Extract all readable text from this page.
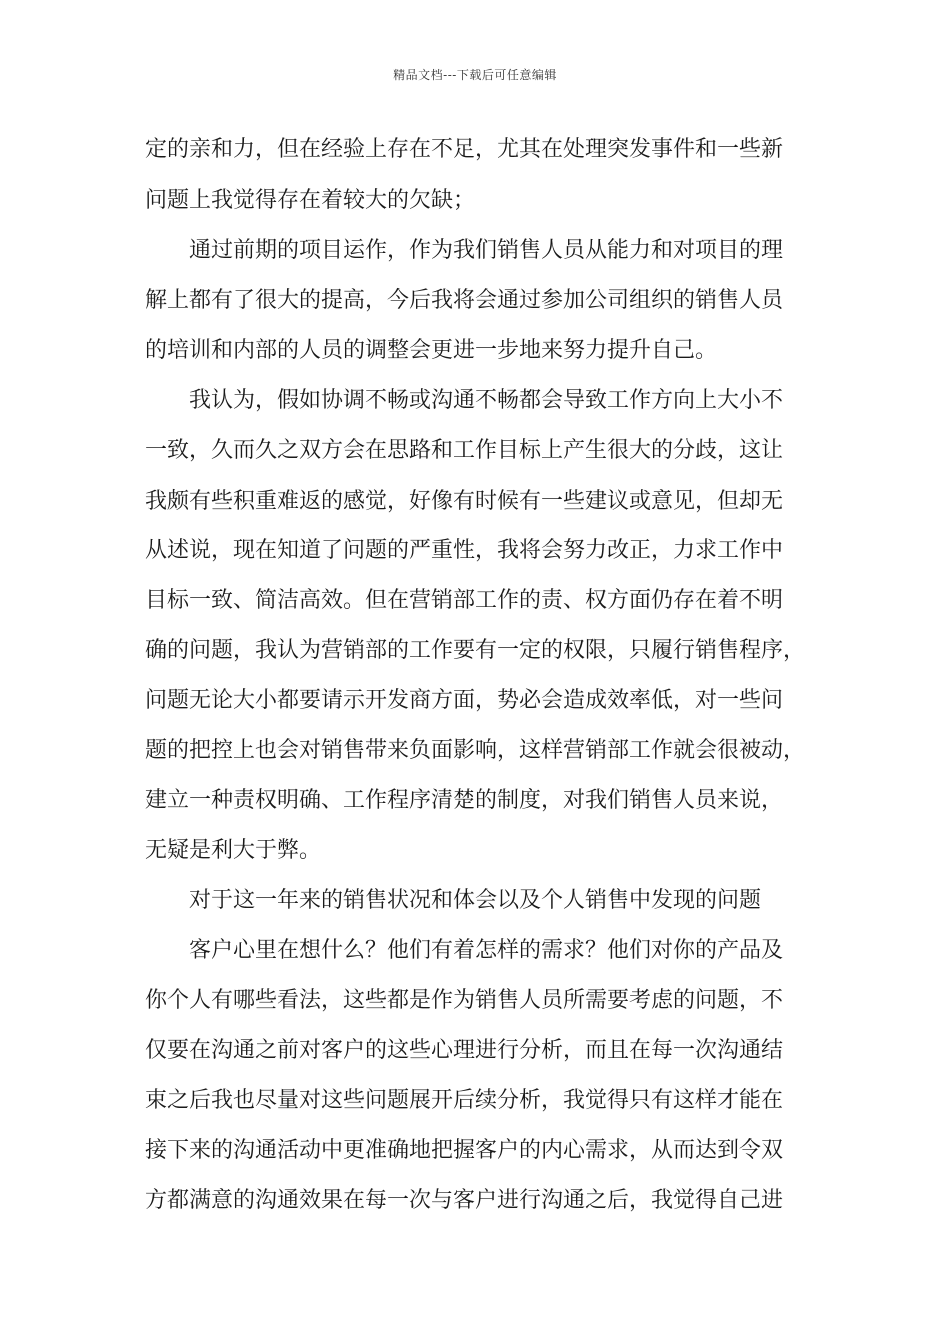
精品文档---下载后可任意编辑
定的亲和力，但在经验上存在不足，尤其在处理突发事件和一些新
问题上我觉得存在着较大的欠缺；
通过前期的项目运作，作为我们销售人员从能力和对项目的理
解上都有了很大的提高，今后我将会通过参加公司组织的销售人员
的培训和内部的人员的调整会更进一步地来努力提升自己。
我认为，假如协调不畅或沟通不畅都会导致工作方向上大小不
一致，久而久之双方会在思路和工作目标上产生很大的分歧，这让
我颇有些积重难返的感觉，好像有时候有一些建议或意见，但却无
从述说，现在知道了问题的严重性，我将会努力改正，力求工作中
目标一致、简洁高效。但在营销部工作的责、权方面仍存在着不明
确的问题，我认为营销部的工作要有一定的权限，只履行销售程序，
问题无论大小都要请示开发商方面，势必会造成效率低，对一些问
题的把控上也会对销售带来负面影响，这样营销部工作就会很被动，
建立一种责权明确、工作程序清楚的制度，对我们销售人员来说，
无疑是利大于弊。
对于这一年来的销售状况和体会以及个人销售中发现的问题
客户心里在想什么？他们有着怎样的需求？他们对你的产品及
你个人有哪些看法，这些都是作为销售人员所需要考虑的问题，不
仅要在沟通之前对客户的这些心理进行分析，而且在每一次沟通结
束之后我也尽量对这些问题展开后续分析，我觉得只有这样才能在
接下来的沟通活动中更准确地把握客户的内心需求，从而达到令双
方都满意的沟通效果在每一次与客户进行沟通之后，我觉得自己进
